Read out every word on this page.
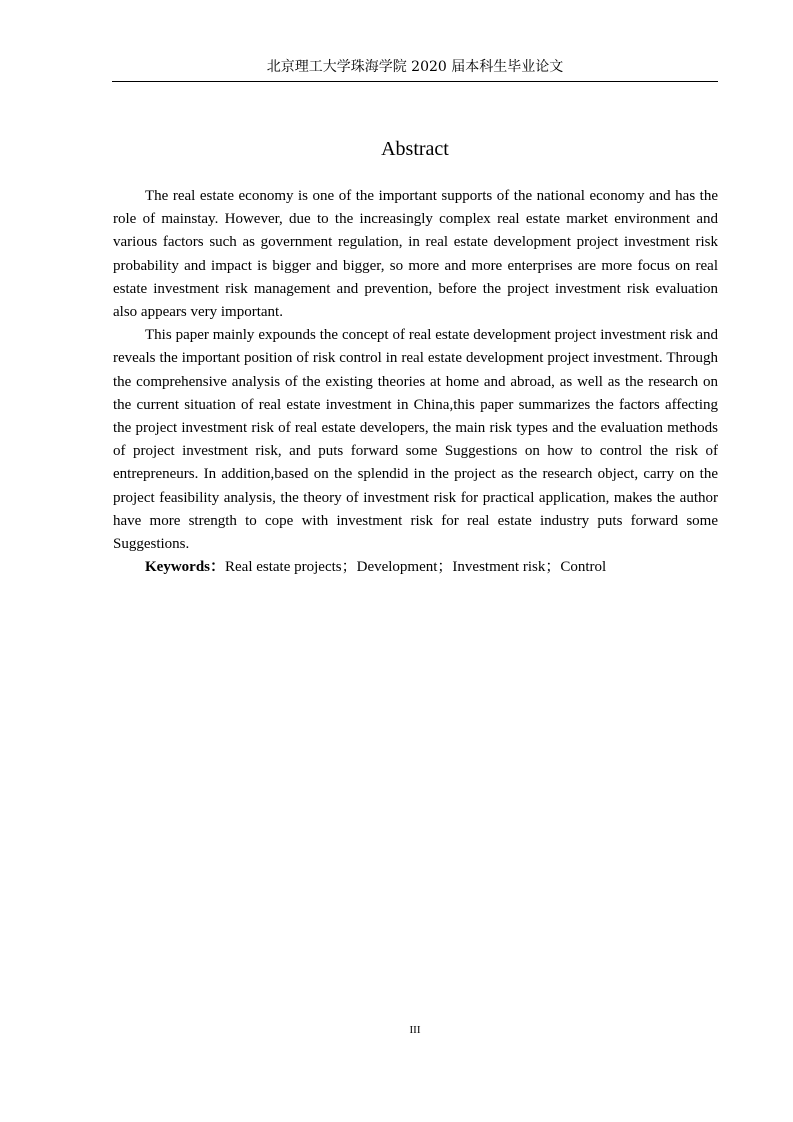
北京理工大学珠海学院 2020 届本科生毕业论文
Abstract

The real estate economy is one of the important supports of the national economy and has the role of mainstay. However, due to the increasingly complex real estate market environment and various factors such as government regulation, in real estate development project investment risk probability and impact is bigger and bigger, so more and more enterprises are more focus on real estate investment risk management and prevention, before the project investment risk evaluation also appears very important.

This paper mainly expounds the concept of real estate development project investment risk and reveals the important position of risk control in real estate development project investment. Through the comprehensive analysis of the existing theories at home and abroad, as well as the research on the current situation of real estate investment in China,this paper summarizes the factors affecting the project investment risk of real estate developers, the main risk types and the evaluation methods of project investment risk, and puts forward some Suggestions on how to control the risk of entrepreneurs. In addition,based on the splendid in the project as the research object, carry on the project feasibility analysis, the theory of investment risk for practical application, makes the author have more strength to cope with investment risk for real estate industry puts forward some Suggestions.

Keywords：Real estate projects；Development；Investment risk；Control

III
